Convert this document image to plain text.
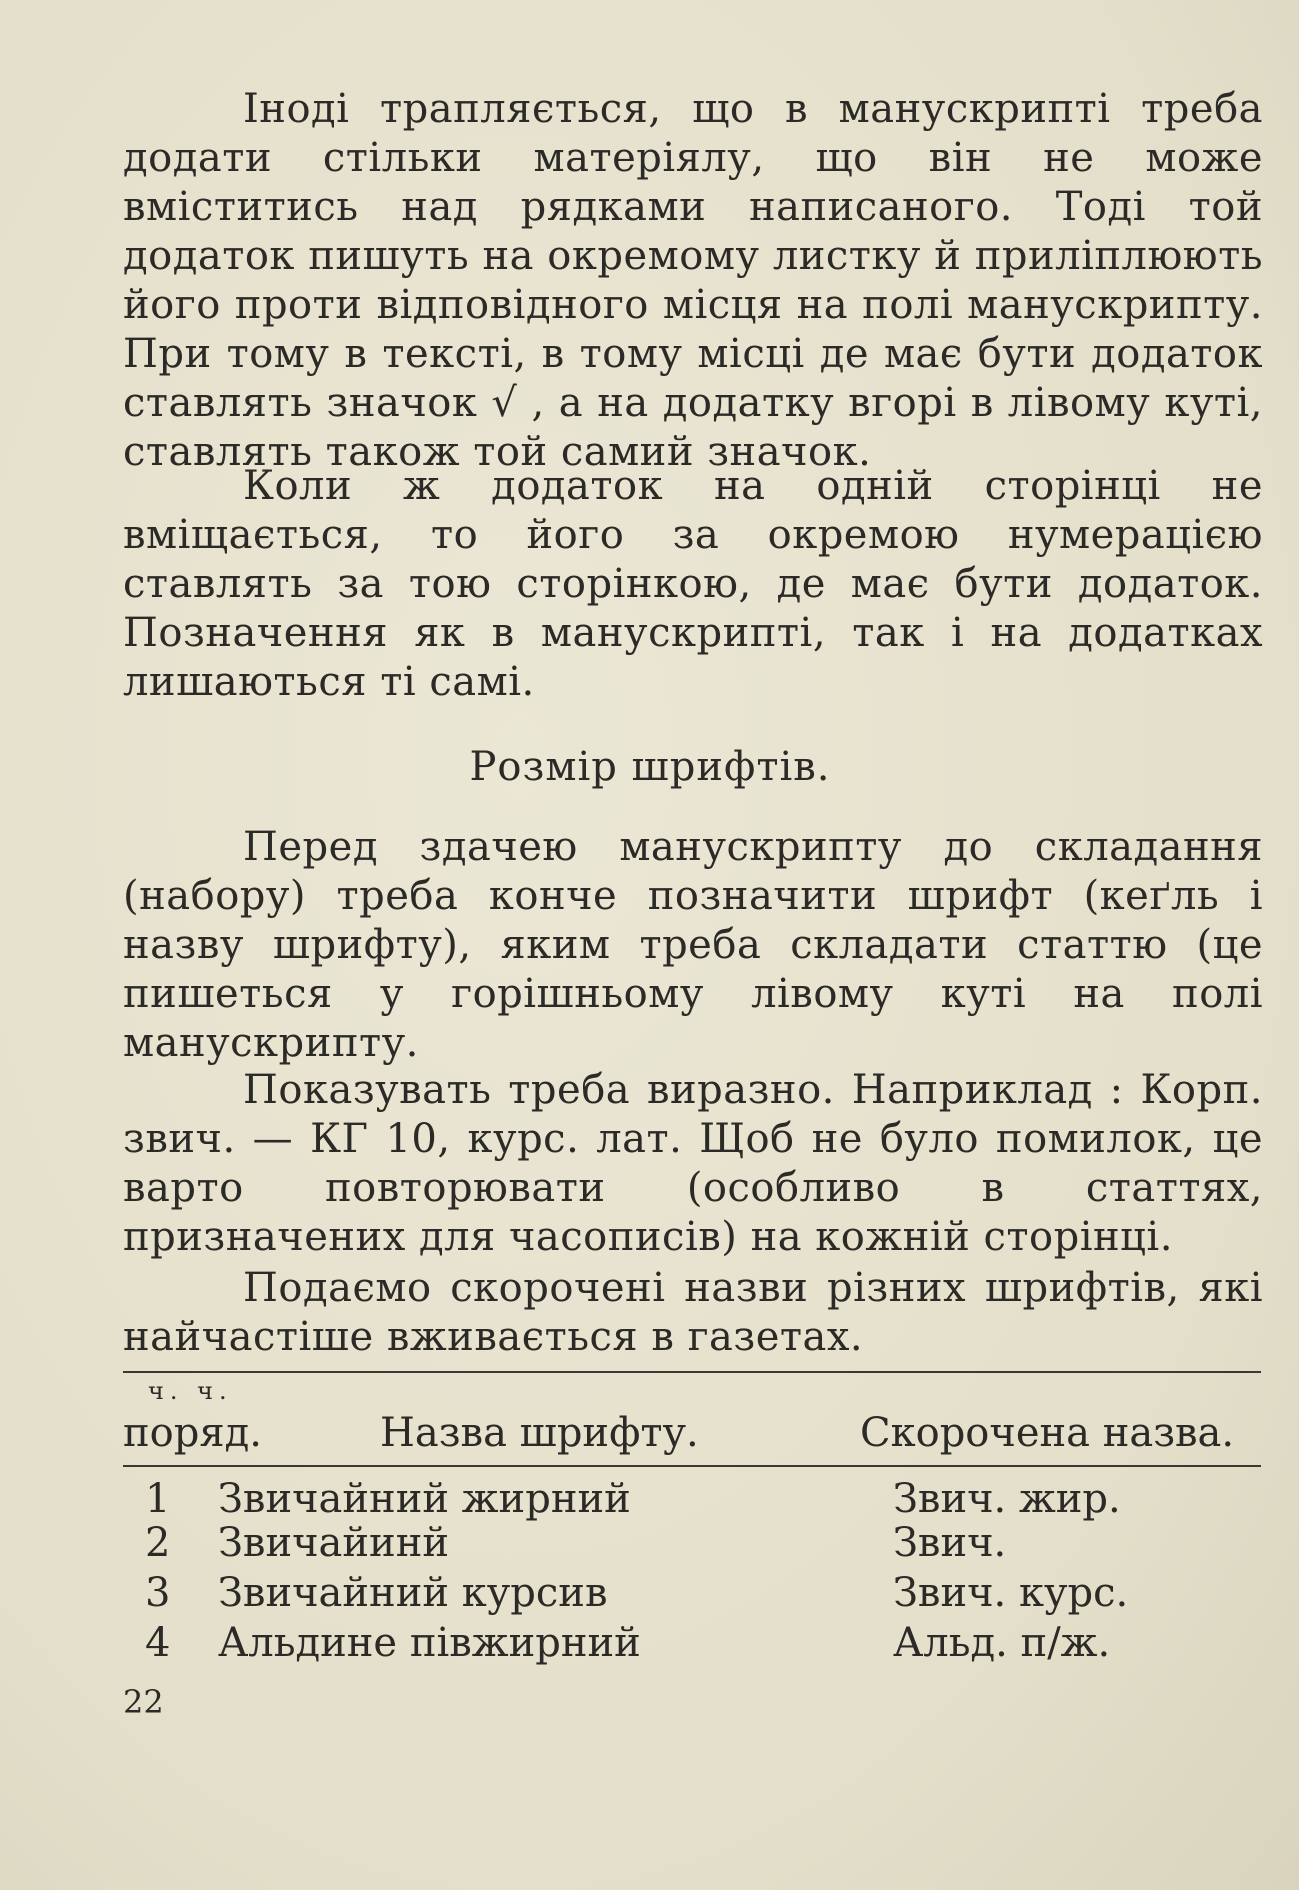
Іноді трапляється, що в манускрипті треба додати стільки матеріялу, що він не може вміститись над рядками написаного. Тоді той додаток пишуть на окремому листку й приліплюють його проти відповідного місця на полі манускрипту. При тому в тексті, в тому місці де має бути додаток ставлять значок √ , а на додатку вгорі в лівому куті, ставлять також той самий значок.

Коли ж додаток на одній сторінці не вміщається, то його за окремою нумерацією ставлять за тою сторінкою, де має бути додаток. Позначення як в манускрипті, так і на додатках лишаються ті самі.

Розмір шрифтів.

Перед здачею манускрипту до складання (набору) треба конче позначити шрифт (кеґль і назву шрифту), яким треба складати статтю (це пишеться у горішньому лівому куті на полі манускрипту.

Показувать треба виразно. Наприклад : Корп. звич. — КГ 10, курс. лат. Щоб не було помилок, це варто повторювати (особливо в статтях, призначених для часописів) на кожній сторінці.

Подаємо скорочені назви різних шрифтів, які найчастіше вживається в газетах.

ч. ч.
поряд.	Назва шрифту.	Скорочена назва.
1 Звичайний жирний	Звич. жир.
2 Звичайинй	Звич.
3 Звичайний курсив	Звич. курс.
4 Альдине півжирний	Альд. п/ж.
22
